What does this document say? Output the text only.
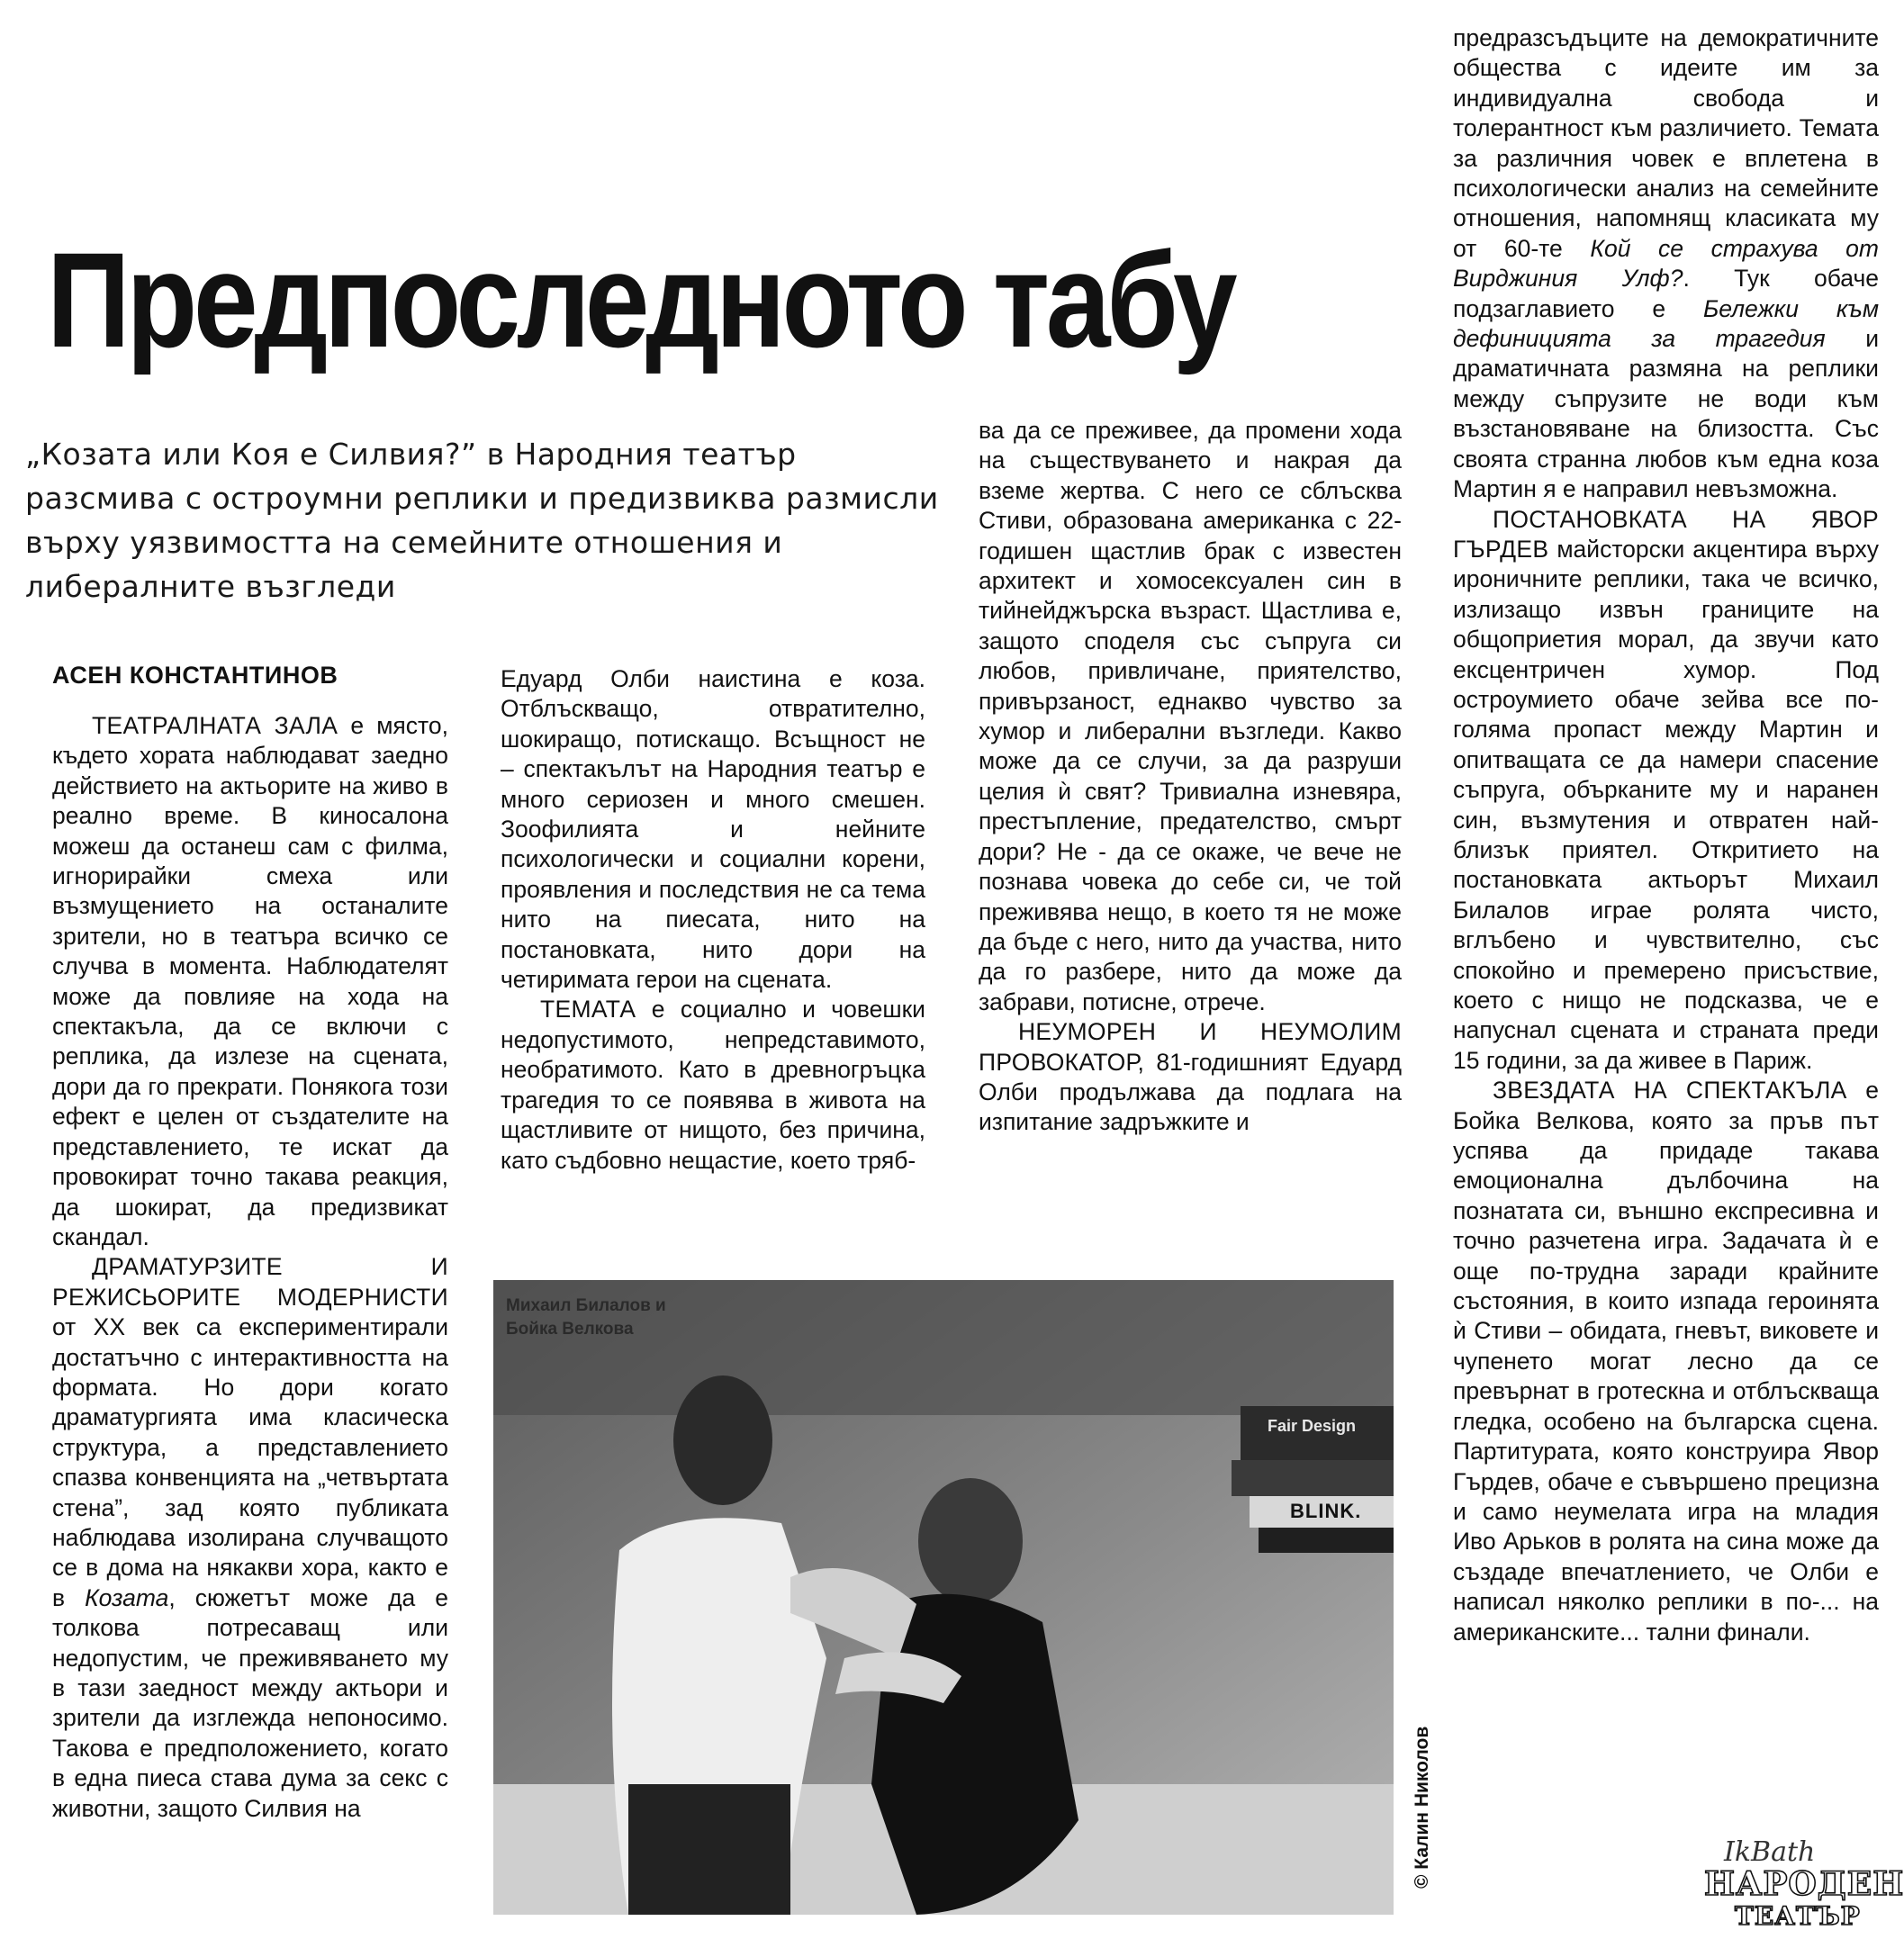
Предпоследното табу
„Козата или Коя е Силвия?” в Народния театър разсмива с остроумни реплики и предизвиква размисли върху уязвимостта на семейните отношения и либералните възгледи
АСЕН КОНСТАНТИНОВ

ТЕАТРАЛНАТА ЗАЛА е място, където хората наблюдават заедно действието на актьорите на живо в реално време. В киносалона можеш да останеш сам с филма, игнорирайки смеха или възмущението на останалите зрители, но в театъра всичко се случва в момента. Наблюдателят може да повлияе на хода на спектакъла, да се включи с реплика, да излезе на сцената, дори да го прекрати. Понякога този ефект е целен от създателите на представлението, те искат да провокират точно такава реакция, да шокират, да предизвикат скандал.

ДРАМАТУРЗИТЕ И РЕЖИСЬОРИТЕ МОДЕРНИСТИ от ХХ век са експериментирали достатъчно с интерактивността на формата. Но дори когато драматургията има класическа структура, а представлението спазва конвенцията на „четвъртата стена”, зад която публиката наблюдава изолирана случващото се в дома на някакви хора, както е в Козата, сюжетът може да е толкова потресаващ или недопустим, че преживяването му в тази заедност между актьори и зрители да изглежда непоносимо. Такова е предположението, когато в една пиеса става дума за секс с животни, защото Силвия на

Едуард Олби наистина е коза. Отблъскващо, отвратително, шокиращо, потискащо. Всъщност не – спектакълът на Народния театър е много сериозен и много смешен. Зоофилията и нейните психологически и социални корени, проявления и последствия не са тема нито на пиесата, нито на постановката, нито дори на четиримата герои на сцената.

ТЕМАТА е социално и човешки недопустимото, непредставимото, необратимото. Като в древногръцка трагедия то се появява в живота на щастливите от нищото, без причина, като съдбовно нещастие, което тряб-

ва да се преживее, да промени хода на съществуването и накрая да вземе жертва. С него се сблъсква Стиви, образована американка с 22-годишен щастлив брак с известен архитект и хомосексуален син в тийнейджърска възраст. Щастлива е, защото споделя със съпруга си любов, привличане, приятелство, привързаност, еднакво чувство за хумор и либерални възгледи. Какво може да се случи, за да разруши целия ѝ свят? Тривиална изневяра, престъпление, предателство, смърт дори? Не - да се окаже, че вече не познава човека до себе си, че той преживява нещо, в което тя не може да бъде с него, нито да участва, нито да го разбере, нито да може да забрави, потисне, отрече.

НЕУМОРЕН И НЕУМОЛИМ ПРОВОКАТОР, 81-годишният Едуард Олби продължава да подлага на изпитание задръжките и

предразсъдъците на демократичните общества с идеите им за индивидуална свобода и толерантност към различието. Темата за различния човек е вплетена в психологически анализ на семейните отношения, напомнящ класиката му от 60-те Кой се страхува от Вирджиния Улф?. Тук обаче подзаглавието е Бележки към дефиницията за трагедия и драматичната размяна на реплики между съпрузите не води към възстановяване на близостта. Със своята странна любов към една коза Мартин я е направил невъзможна.

ПОСТАНОВКАТА НА ЯВОР ГЪРДЕВ майсторски акцентира върху ироничните реплики, така че всичко, излизащо извън границите на общоприетия морал, да звучи като ексцентричен хумор. Под остроумието обаче зейва все по-голяма пропаст между Мартин и опитващата се да намери спасение съпруга, обърканите му и наранен син, възмутения и отвратен най-близък приятел. Откритието на постановката актьорът Михаил Билалов играе ролята чисто, вглъбено и чувствително, със спокойно и премерено присъствие, което с нищо не подсказва, че е напуснал сцената и страната преди 15 години, за да живее в Париж.

ЗВЕЗДАТА НА СПЕКТАКЪЛА е Бойка Велкова, която за пръв път успява да придаде такава емоционална дълбочина на познатата си, външно експресивна и точно разчетена игра. Задачата ѝ е още по-трудна заради крайните състояния, в които изпада героинята ѝ Стиви – обидата, гневът, виковете и чупенето могат лесно да се превърнат в гротескна и отблъскваща гледка, особено на българска сцена. Партитурата, която конструира Явор Гърдев, обаче е съвършено прецизна и само неумелата игра на младия Иво Арьков в ролята на сина може да създаде впечатлението, че Олби е написал няколко реплики в по-... на американските... тални финали.

Михаил Билалов и Бойка Велкова
Fair Design
BLINK.
© Калин Николов	IkBath
НАРОДЕН
ТЕАТЪР
